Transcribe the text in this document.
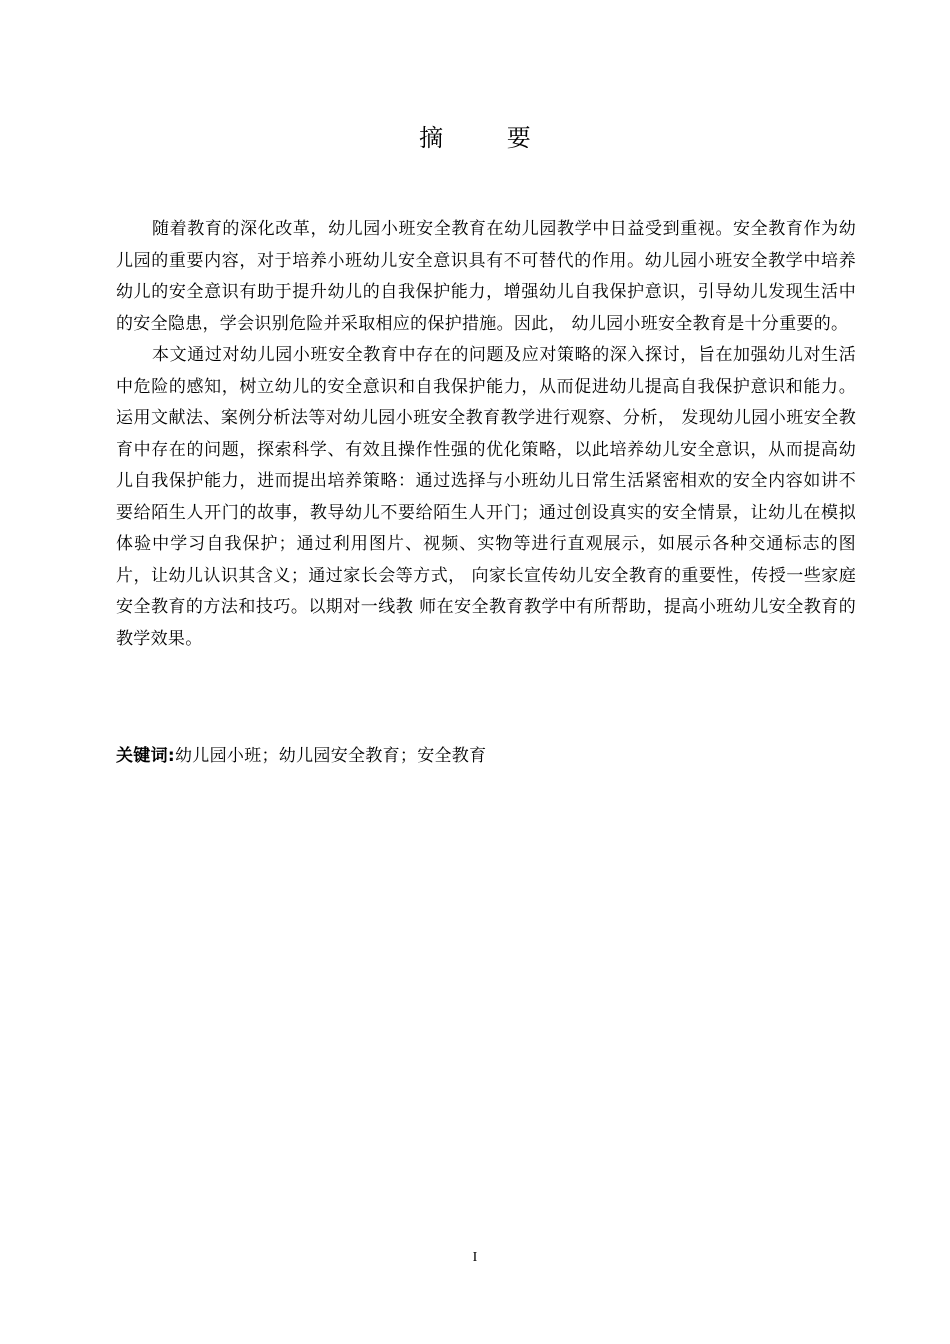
摘 要

随着教育的深化改革，幼儿园小班安全教育在幼儿园教学中日益受到重视。安全教育作为幼儿园的重要内容，对于培养小班幼儿安全意识具有不可替代的作用。幼儿园小班安全教学中培养幼儿的安全意识有助于提升幼儿的自我保护能力，增强幼儿自我保护意识，引导幼儿发现生活中的安全隐患，学会识别危险并采取相应的保护措施。因此， 幼儿园小班安全教育是十分重要的。

本文通过对幼儿园小班安全教育中存在的问题及应对策略的深入探讨，旨在加强幼儿对生活中危险的感知，树立幼儿的安全意识和自我保护能力，从而促进幼儿提高自我保护意识和能力。运用文献法、案例分析法等对幼儿园小班安全教育教学进行观察、分析， 发现幼儿园小班安全教育中存在的问题，探索科学、有效且操作性强的优化策略，以此培养幼儿安全意识，从而提高幼儿自我保护能力，进而提出培养策略：通过选择与小班幼儿日常生活紧密相欢的安全内容如讲不要给陌生人开门的故事，教导幼儿不要给陌生人开门；通过创设真实的安全情景，让幼儿在模拟体验中学习自我保护；通过利用图片、视频、实物等进行直观展示，如展示各种交通标志的图片，让幼儿认识其含义；通过家长会等方式， 向家长宣传幼儿安全教育的重要性，传授一些家庭安全教育的方法和技巧。以期对一线教 师在安全教育教学中有所帮助，提高小班幼儿安全教育的教学效果。

关键词:幼儿园小班；幼儿园安全教育；安全教育
I
